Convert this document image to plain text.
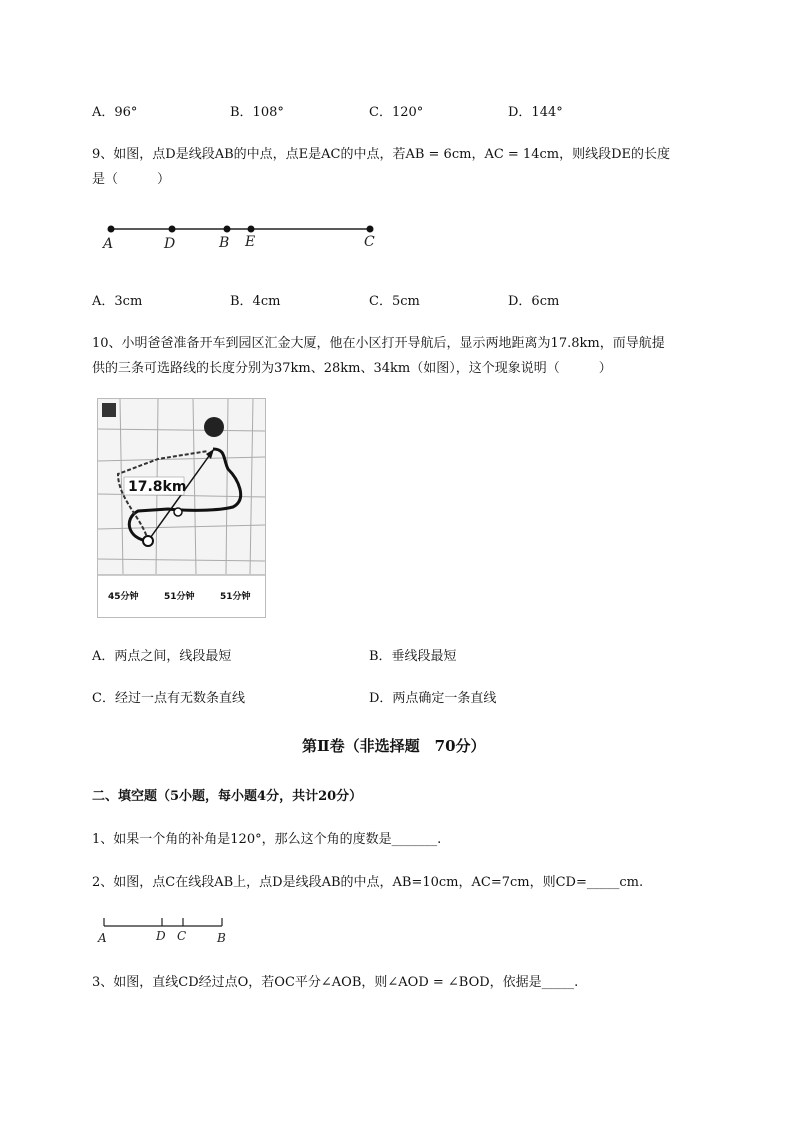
A．96°	B．108°	C．120°	D．144°
9、如图，点D是线段AB的中点，点E是AC的中点，若AB = 6cm，AC = 14cm，则线段DE的长度
是（　　　）
A	D	B E	C
A．3cm	B．4cm	C．5cm	D．6cm
10、小明爸爸准备开车到园区汇金大厦，他在小区打开导航后，显示两地距离为17.8km，而导航提
供的三条可选路线的长度分别为37km、28km、34km（如图），这个现象说明（　　　）
17.8km
45分钟	51分钟	51分钟
A．两点之间，线段最短	B．垂线段最短
C．经过一点有无数条直线	D．两点确定一条直线
第Ⅱ卷（非选择题　70分）
二、填空题（5小题，每小题4分，共计20分）
1、如果一个角的补角是120°，那么这个角的度数是_______.
2、如图，点C在线段AB上，点D是线段AB的中点，AB=10cm，AC=7cm，则CD=_____cm.
A	D C	B
3、如图，直线CD经过点O，若OC平分∠AOB，则∠AOD = ∠BOD，依据是_____.
